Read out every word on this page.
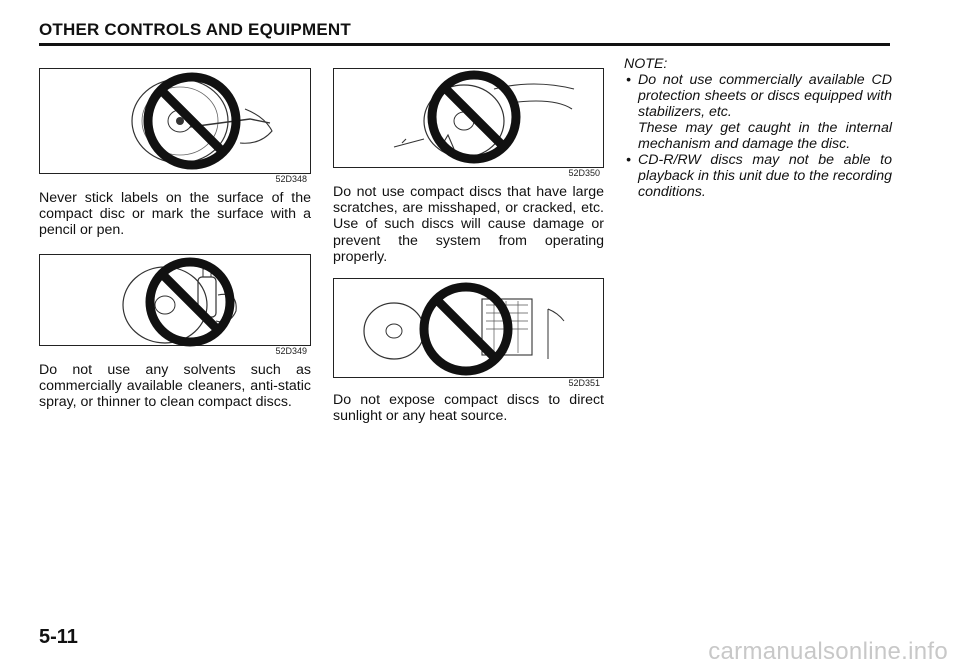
OTHER CONTROLS AND EQUIPMENT
52D348

Never stick labels on the surface of the compact disc or mark the surface with a pencil or pen.

52D349

Do not use any solvents such as commercially available cleaners, anti-static spray, or thinner to clean compact discs.

52D350

Do not use compact discs that have large scratches, are misshaped, or cracked, etc. Use of such discs will cause damage or prevent the system from operating properly.

52D351

Do not expose compact discs to direct sunlight or any heat source.

NOTE:

• Do not use commercially available CD protection sheets or discs equipped with stabilizers, etc.
These may get caught in the internal mechanism and damage the disc.
• CD-R/RW discs may not be able to playback in this unit due to the recording conditions.
5-11
carmanualsonline.info
